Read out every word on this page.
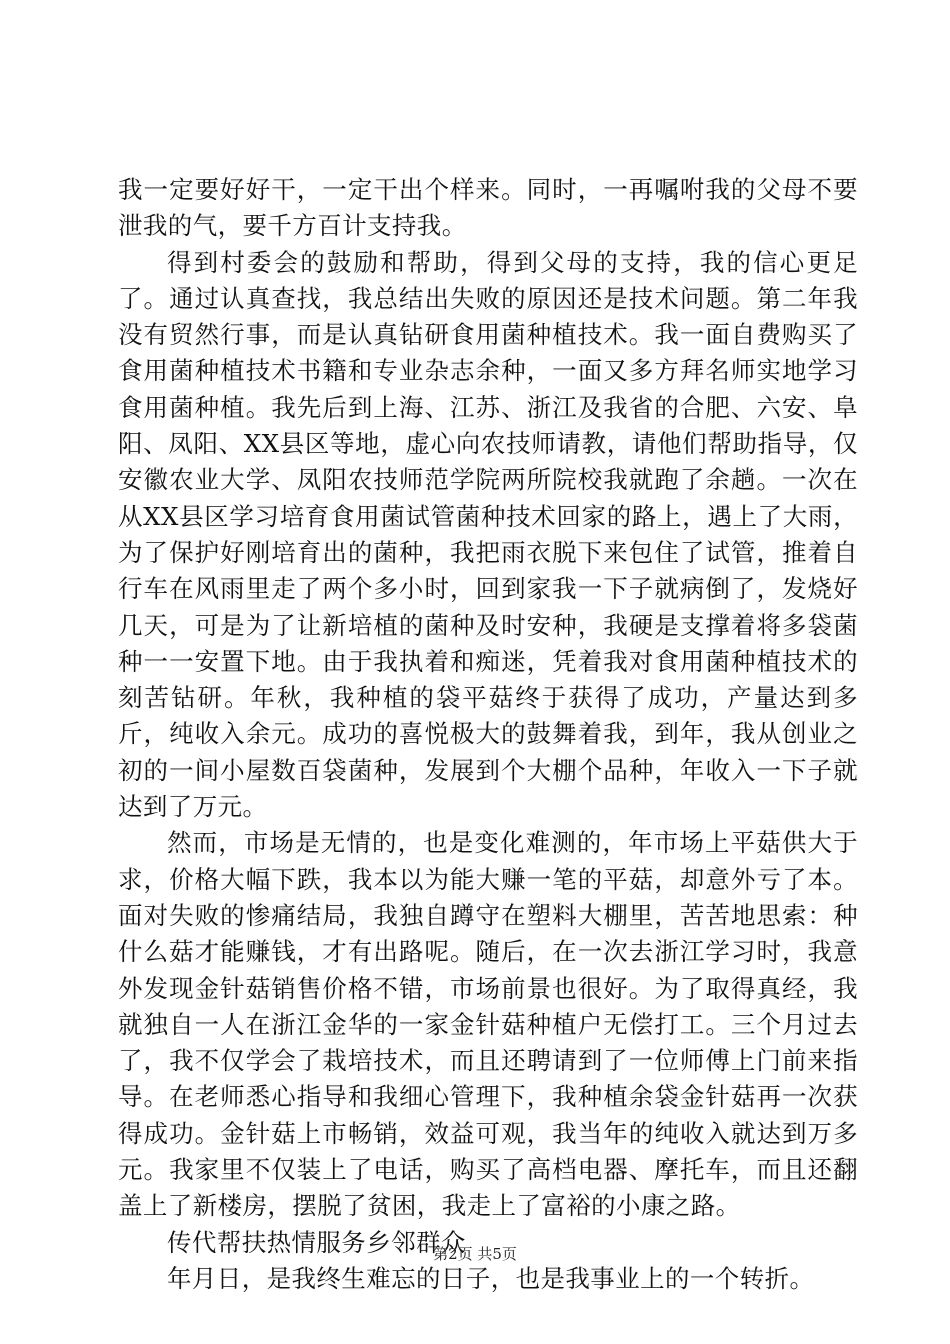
我一定要好好干，一定干出个样来。同时，一再嘱咐我的父母不要泄我的气，要千方百计支持我。

得到村委会的鼓励和帮助，得到父母的支持，我的信心更足了。通过认真查找，我总结出失败的原因还是技术问题。第二年我没有贸然行事，而是认真钻研食用菌种植技术。我一面自费购买了食用菌种植技术书籍和专业杂志余种，一面又多方拜名师实地学习食用菌种植。我先后到上海、江苏、浙江及我省的合肥、六安、阜阳、凤阳、XX县区等地，虚心向农技师请教，请他们帮助指导，仅安徽农业大学、凤阳农技师范学院两所院校我就跑了余趟。一次在从XX县区学习培育食用菌试管菌种技术回家的路上，遇上了大雨，为了保护好刚培育出的菌种，我把雨衣脱下来包住了试管，推着自行车在风雨里走了两个多小时，回到家我一下子就病倒了，发烧好几天，可是为了让新培植的菌种及时安种，我硬是支撑着将多袋菌种一一安置下地。由于我执着和痴迷，凭着我对食用菌种植技术的刻苦钻研。年秋，我种植的袋平菇终于获得了成功，产量达到多斤，纯收入余元。成功的喜悦极大的鼓舞着我，到年，我从创业之初的一间小屋数百袋菌种，发展到个大棚个品种，年收入一下子就达到了万元。

然而，市场是无情的，也是变化难测的，年市场上平菇供大于求，价格大幅下跌，我本以为能大赚一笔的平菇，却意外亏了本。面对失败的惨痛结局，我独自蹲守在塑料大棚里，苦苦地思索：种什么菇才能赚钱，才有出路呢。随后，在一次去浙江学习时，我意外发现金针菇销售价格不错，市场前景也很好。为了取得真经，我就独自一人在浙江金华的一家金针菇种植户无偿打工。三个月过去了，我不仅学会了栽培技术，而且还聘请到了一位师傅上门前来指导。在老师悉心指导和我细心管理下，我种植余袋金针菇再一次获得成功。金针菇上市畅销，效益可观，我当年的纯收入就达到万多元。我家里不仅装上了电话，购买了高档电器、摩托车，而且还翻盖上了新楼房，摆脱了贫困，我走上了富裕的小康之路。

传代帮扶热情服务乡邻群众

年月日，是我终生难忘的日子，也是我事业上的一个转折。

第2页 共5页
